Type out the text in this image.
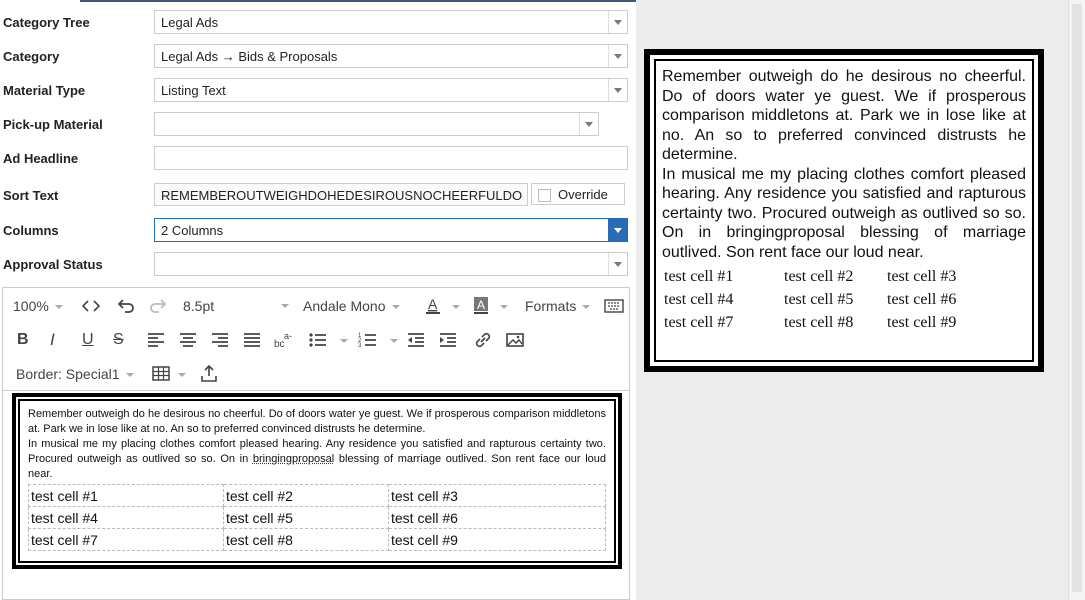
Category Tree	Legal Ads
Category	Legal Ads → Bids & Proposals
Material Type	Listing Text
Pick-up Material
Ad Headline
Sort Text	REMEMBEROUTWEIGHDOHEDESIROUSNOCHEERFULDO	Override
Columns	2 Columns
Approval Status
100%	8.5pt	Andale Mono	A	A	Formats
B I U S	bc
a-	1
2
3
Border: Special1

Remember outweigh do he desirous no cheerful. Do of doors water ye guest. We if prosperous comparison middletons at. Park we in lose like at no. An so to preferred convinced distrusts he determine.

In musical me my placing clothes comfort pleased hearing. Any residence you satisfied and rapturous certainty two. Procured outweigh as outlived so so. On in bringingproposal blessing of marriage outlived. Son rent face our loud near.

test cell #1	test cell #2	test cell #3
test cell #4	test cell #5	test cell #6
test cell #7	test cell #8	test cell #9

Remember outweigh do he desirous no cheerful. Do of doors water ye guest. We if prosperous comparison middletons at. Park we in lose like at no. An so to preferred convinced distrusts he determine.

In musical me my placing clothes comfort pleased hearing. Any residence you satisfied and rapturous certainty two. Procured outweigh as outlived so so. On in bringingproposal blessing of marriage outlived. Son rent face our loud near.

test cell #1	test cell #2	test cell #3
test cell #4	test cell #5	test cell #6
test cell #7	test cell #8	test cell #9
